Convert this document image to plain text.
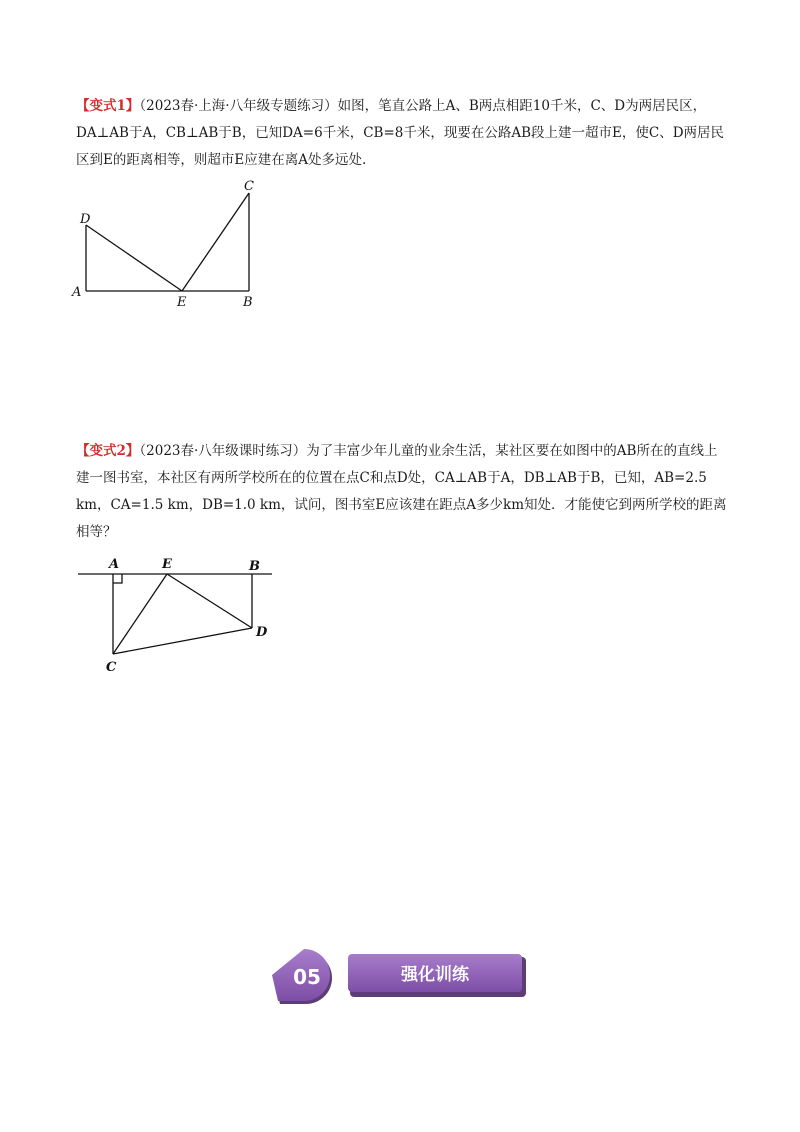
【变式1】（2023春·上海·八年级专题练习）如图，笔直公路上A、B两点相距10千米，C、D为两居民区，DA⊥AB于A，CB⊥AB于B，已知DA=6千米，CB=8千米，现要在公路AB段上建一超市E，使C、D两居民区到E的距离相等，则超市E应建在离A处多远处.

D
C
A
E	B

【变式2】（2023春·八年级课时练习）为了丰富少年儿童的业余生活，某社区要在如图中的AB所在的直线上建一图书室，本社区有两所学校所在的位置在点C和点D处，CA⊥AB于A，DB⊥AB于B，已知，AB=2.5 km，CA=1.5 km，DB=1.0 km，试问，图书室E应该建在距点A多少km知处．才能使它到两所学校的距离相等？

A	E	B
D
C
强化训练
05
